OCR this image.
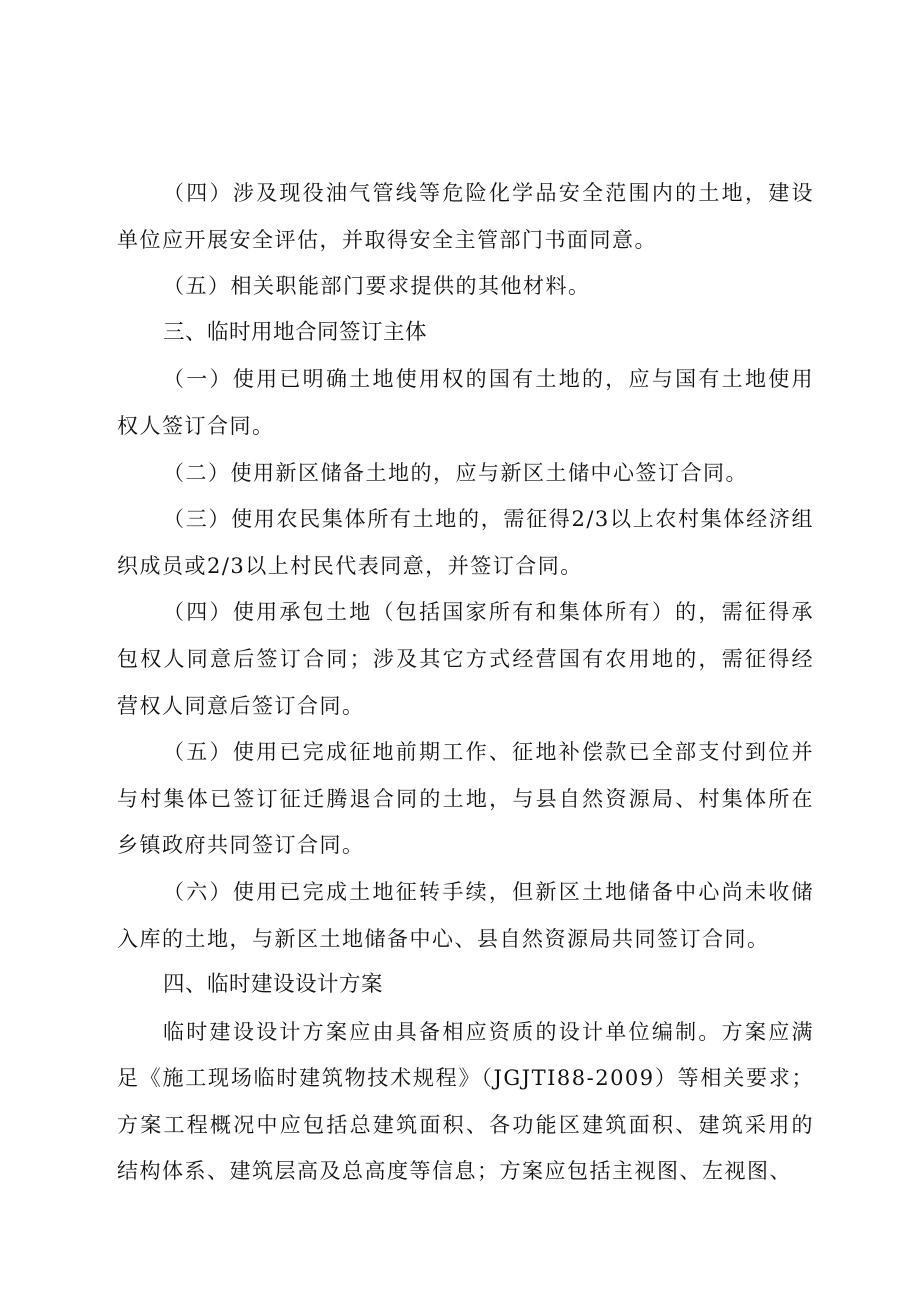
（四）涉及现役油气管线等危险化学品安全范围内的土地，建设单位应开展安全评估，并取得安全主管部门书面同意。

（五）相关职能部门要求提供的其他材料。

三、临时用地合同签订主体

（一）使用已明确土地使用权的国有土地的，应与国有土地使用权人签订合同。

（二）使用新区储备土地的，应与新区土储中心签订合同。

（三）使用农民集体所有土地的，需征得2/3以上农村集体经济组织成员或2/3以上村民代表同意，并签订合同。

（四）使用承包土地（包括国家所有和集体所有）的，需征得承包权人同意后签订合同；涉及其它方式经营国有农用地的，需征得经营权人同意后签订合同。

（五）使用已完成征地前期工作、征地补偿款已全部支付到位并与村集体已签订征迁腾退合同的土地，与县自然资源局、村集体所在乡镇政府共同签订合同。

（六）使用已完成土地征转手续，但新区土地储备中心尚未收储入库的土地，与新区土地储备中心、县自然资源局共同签订合同。

四、临时建设设计方案

临时建设设计方案应由具备相应资质的设计单位编制。方案应满足《施工现场临时建筑物技术规程》（JGJTI88-2009）等相关要求；方案工程概况中应包括总建筑面积、各功能区建筑面积、建筑采用的结构体系、建筑层高及总高度等信息；方案应包括主视图、左视图、
